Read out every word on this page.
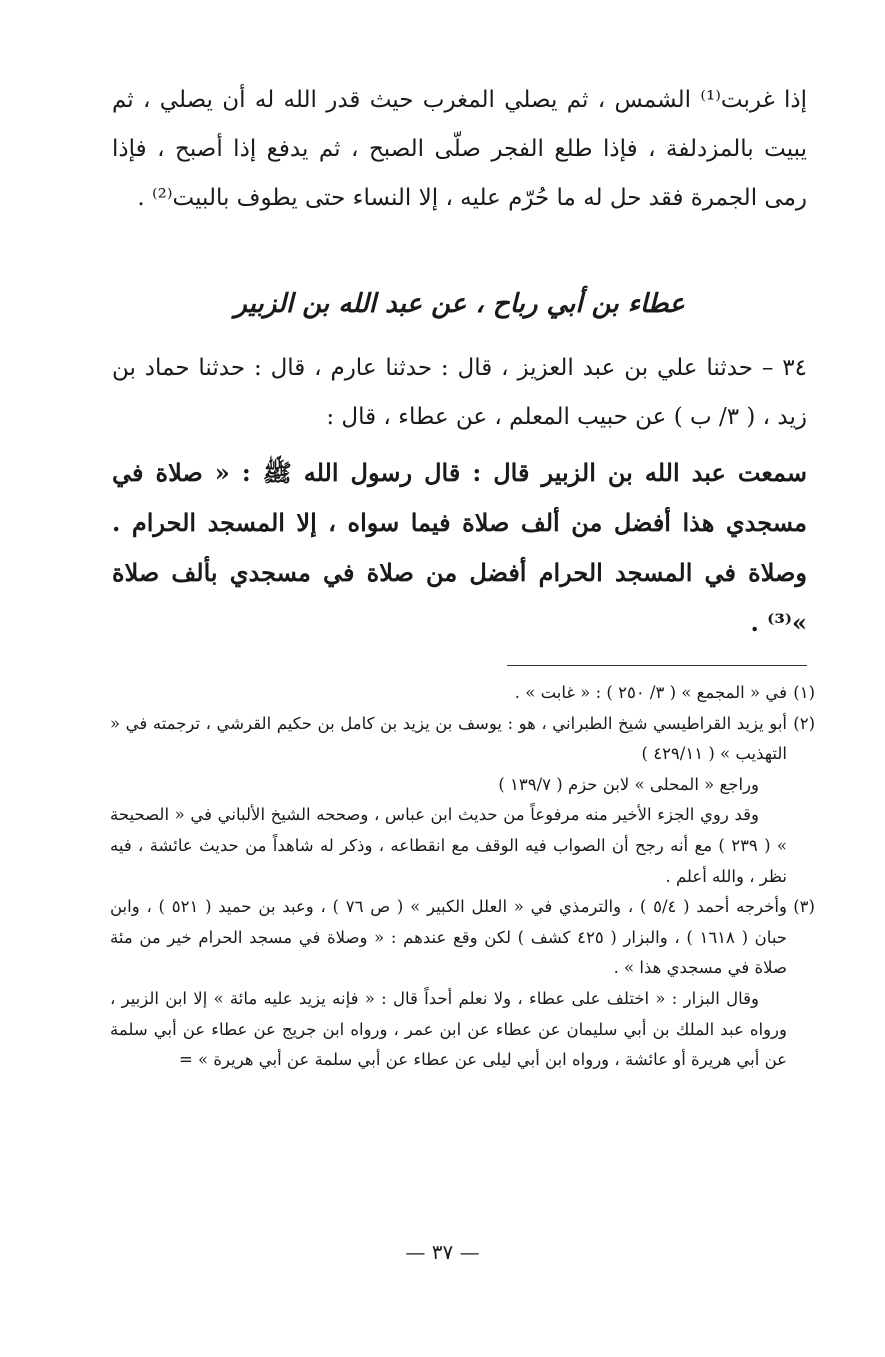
إذا غربت⁽¹⁾ الشمس ، ثم يصلي المغرب حيث قدر الله له أن يصلي ، ثم يبيت بالمزدلفة ، فإذا طلع الفجر صلّى الصبح ، ثم يدفع إذا أصبح ، فإذا رمى الجمرة فقد حل له ما حُرّم عليه ، إلا النساء حتى يطوف بالبيت⁽²⁾ .

عطاء بن أبي رباح ، عن عبد الله بن الزبير

٣٤ – حدثنا علي بن عبد العزيز ، قال : حدثنا عارم ، قال : حدثنا حماد بن زيد ، ( ٣/ ب ) عن حبيب المعلم ، عن عطاء ، قال :

سمعت عبد الله بن الزبير قال : قال رسول الله ﷺ : « صلاة في مسجدي هذا أفضل من ألف صلاة فيما سواه ، إلا المسجد الحرام . وصلاة في المسجد الحرام أفضل من صلاة في مسجدي بألف صلاة »⁽³⁾ .

(١)في « المجمع » ( ٣/ ٢٥٠ ) : « غابت » .

(٢)أبو يزيد القراطيسي شيخ الطبراني ، هو : يوسف بن يزيد بن كامل بن حكيم القرشي ، ترجمته في « التهذيب » ( ٤٢٩/١١ )

وراجع « المحلى » لابن حزم ( ١٣٩/٧ )

وقد روي الجزء الأخير منه مرفوعاً من حديث ابن عباس ، وصححه الشيخ الألباني في « الصحيحة » ( ٢٣٩ ) مع أنه رجح أن الصواب فيه الوقف مع انقطاعه ، وذكر له شاهداً من حديث عائشة ، فيه نظر ، والله أعلم .

(٣)وأخرجه أحمد ( ٥/٤ ) ، والترمذي في « العلل الكبير » ( ص ٧٦ ) ، وعبد بن حميد ( ٥٢١ ) ، وابن حبان ( ١٦١٨ ) ، والبزار ( ٤٢٥ كشف ) لكن وقع عندهم : « وصلاة في مسجد الحرام خير من مئة صلاة في مسجدي هذا » .

وقال البزار : « اختلف على عطاء ، ولا نعلم أحداً قال : « فإنه يزيد عليه مائة » إلا ابن الزبير ، ورواه عبد الملك بن أبي سليمان عن عطاء عن ابن عمر ، ورواه ابن جريج عن عطاء عن أبي سلمة عن أبي هريرة أو عائشة ، ورواه ابن أبي ليلى عن عطاء عن أبي سلمة عن أبي هريرة » =

— ٣٧ —
